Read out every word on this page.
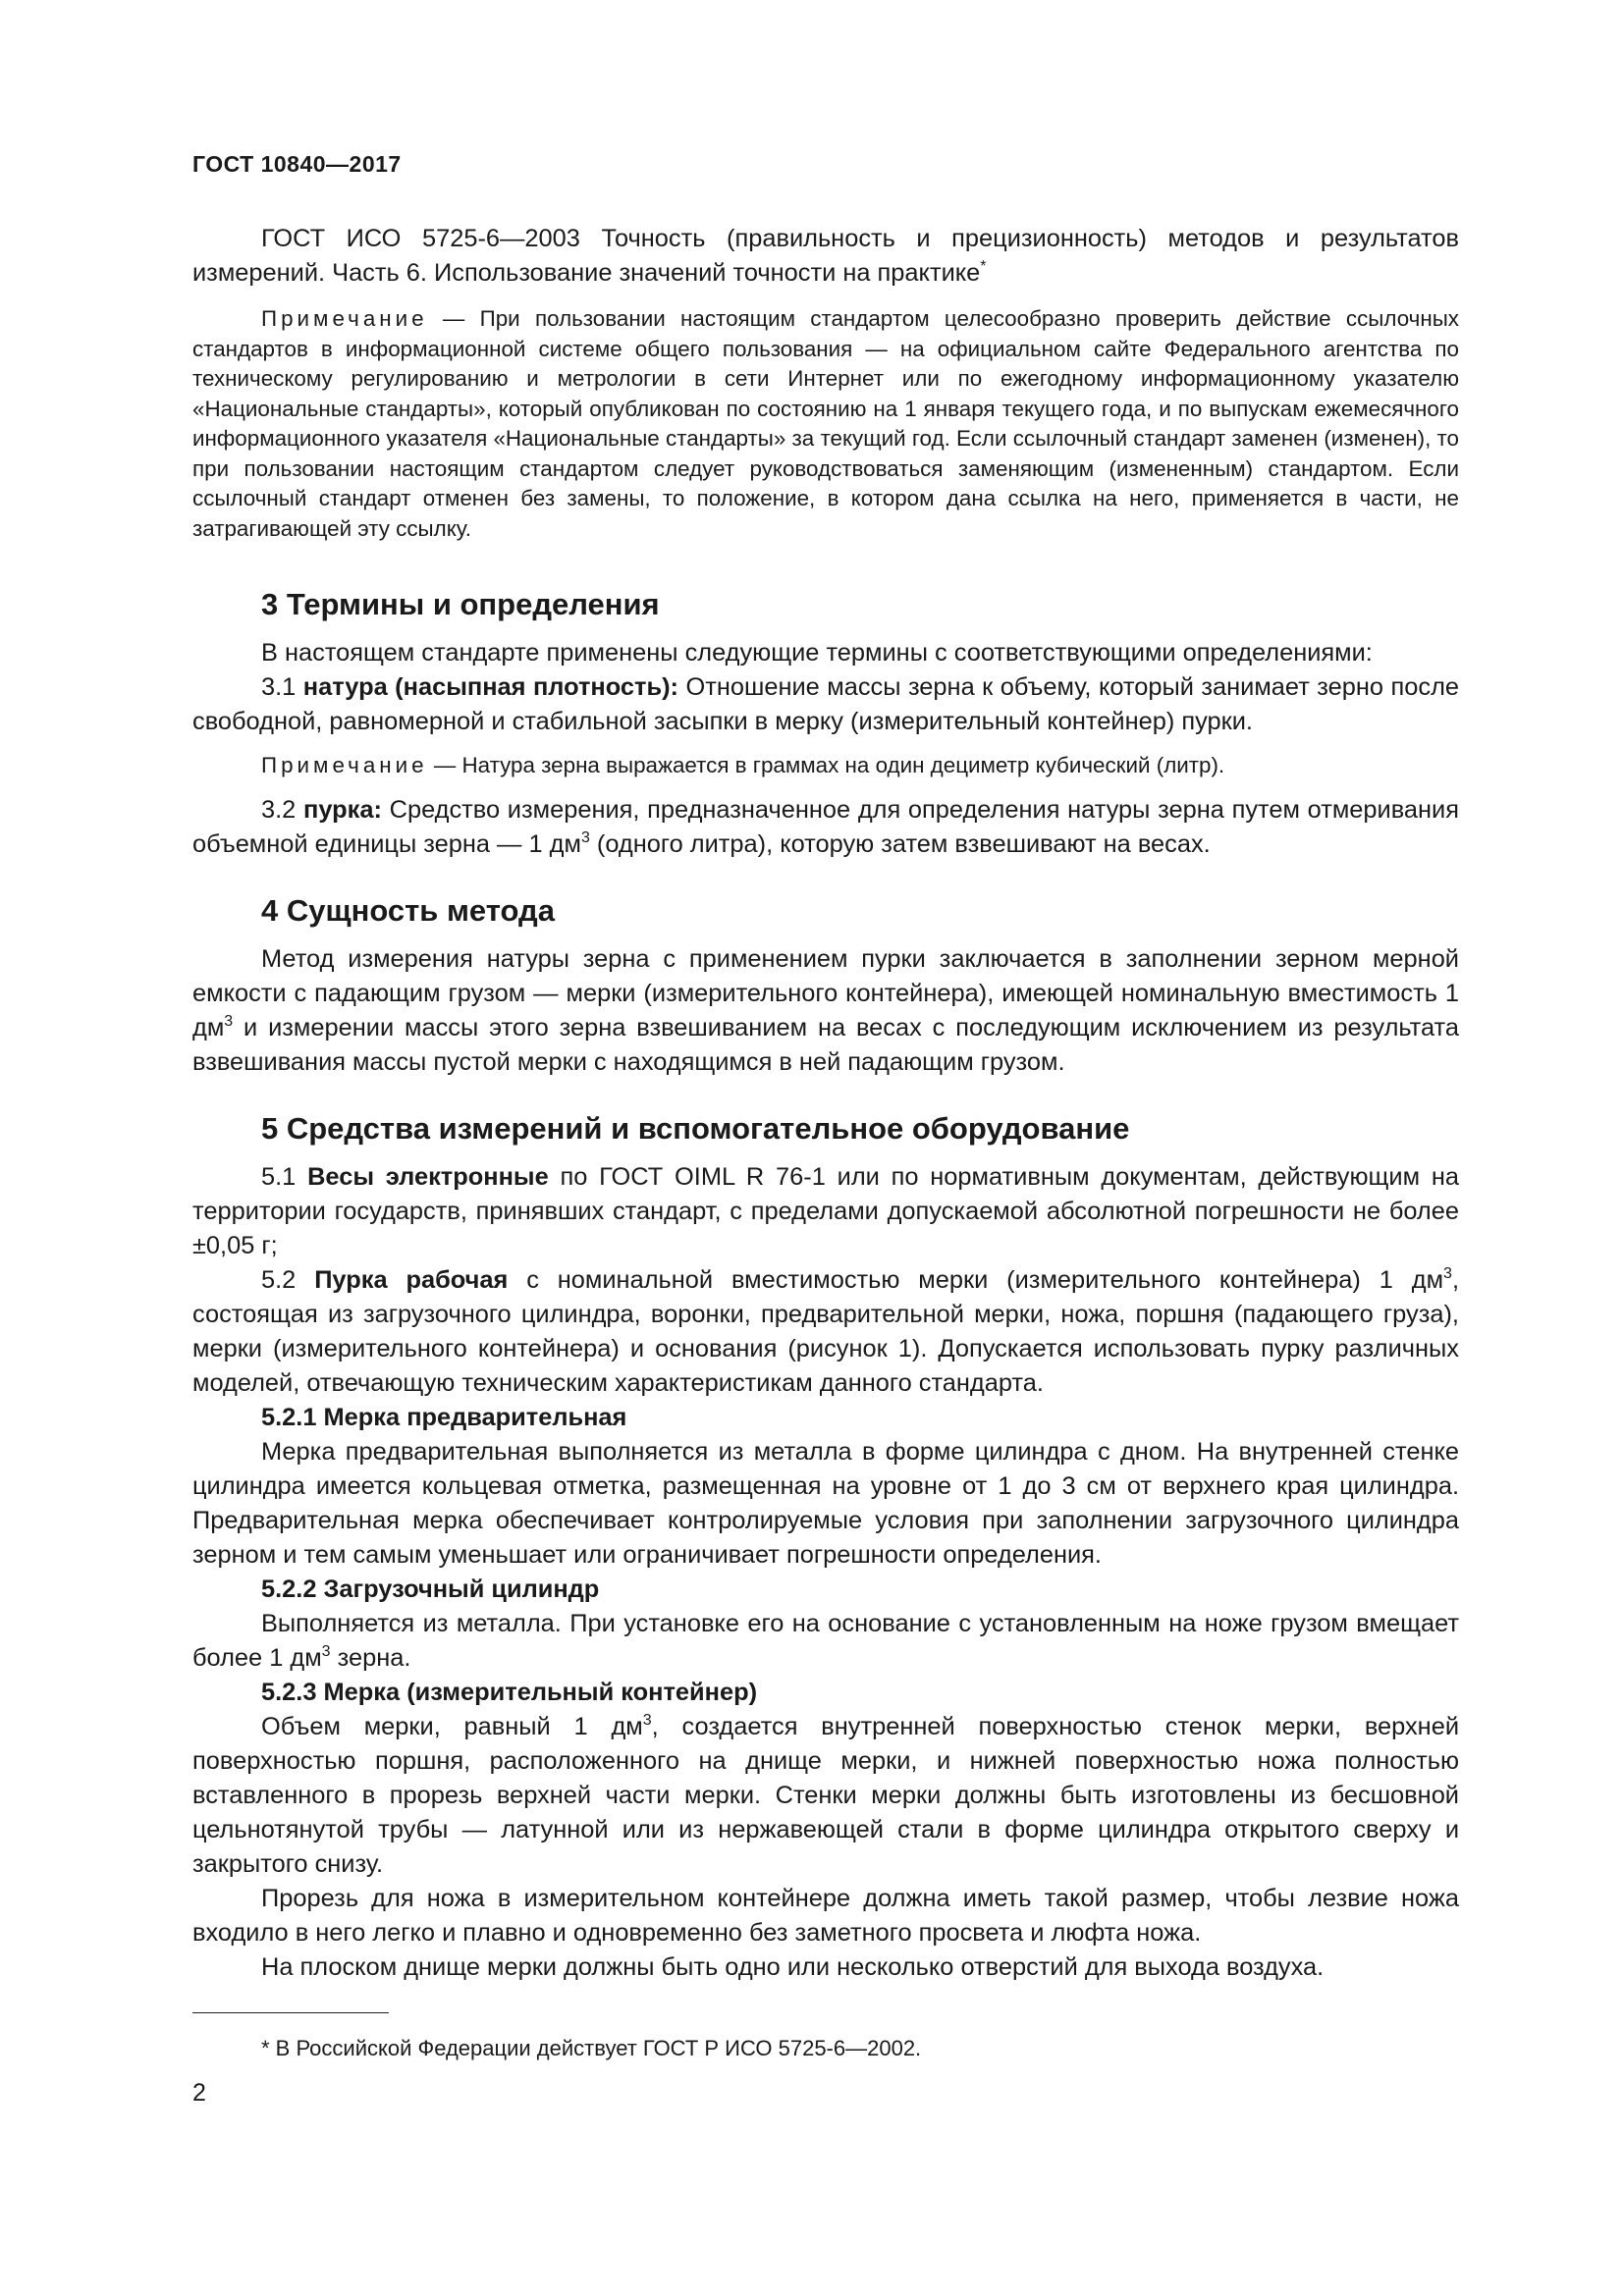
ГОСТ 10840—2017

ГОСТ ИСО 5725-6—2003 Точность (правильность и прецизионность) методов и результатов измерений. Часть 6. Использование значений точности на практике*

Примечание — При пользовании настоящим стандартом целесообразно проверить действие ссылочных стандартов в информационной системе общего пользования — на официальном сайте Федерального агентства по техническому регулированию и метрологии в сети Интернет или по ежегодному информационному указателю «Национальные стандарты», который опубликован по состоянию на 1 января текущего года, и по выпускам ежемесячного информационного указателя «Национальные стандарты» за текущий год. Если ссылочный стандарт заменен (изменен), то при пользовании настоящим стандартом следует руководствоваться заменяющим (измененным) стандартом. Если ссылочный стандарт отменен без замены, то положение, в котором дана ссылка на него, применяется в части, не затрагивающей эту ссылку.

3 Термины и определения

В настоящем стандарте применены следующие термины с соответствующими определениями:

3.1 натура (насыпная плотность): Отношение массы зерна к объему, который занимает зерно после свободной, равномерной и стабильной засыпки в мерку (измерительный контейнер) пурки.

Примечание — Натура зерна выражается в граммах на один дециметр кубический (литр).

3.2 пурка: Средство измерения, предназначенное для определения натуры зерна путем отмеривания объемной единицы зерна — 1 $дм^3$ (одного литра), которую затем взвешивают на весах.

4 Сущность метода

Метод измерения натуры зерна с применением пурки заключается в заполнении зерном мерной емкости с падающим грузом — мерки (измерительного контейнера), имеющей номинальную вместимость 1 $дм^3$ и измерении массы этого зерна взвешиванием на весах с последующим исключением из результата взвешивания массы пустой мерки с находящимся в ней падающим грузом.

5 Средства измерений и вспомогательное оборудование

5.1 Весы электронные по ГОСТ OIML R 76-1 или по нормативным документам, действующим на территории государств, принявших стандарт, с пределами допускаемой абсолютной погрешности не более ±0,05 г;

5.2 Пурка рабочая с номинальной вместимостью мерки (измерительного контейнера) 1 $дм^3$, состоящая из загрузочного цилиндра, воронки, предварительной мерки, ножа, поршня (падающего груза), мерки (измерительного контейнера) и основания (рисунок 1). Допускается использовать пурку различных моделей, отвечающую техническим характеристикам данного стандарта.

5.2.1 Мерка предварительная

Мерка предварительная выполняется из металла в форме цилиндра с дном. На внутренней стенке цилиндра имеется кольцевая отметка, размещенная на уровне от 1 до 3 см от верхнего края цилиндра. Предварительная мерка обеспечивает контролируемые условия при заполнении загрузочного цилиндра зерном и тем самым уменьшает или ограничивает погрешности определения.

5.2.2 Загрузочный цилиндр

Выполняется из металла. При установке его на основание с установленным на ноже грузом вмещает более 1 $дм^3$ зерна.

5.2.3 Мерка (измерительный контейнер)

Объем мерки, равный 1 $дм^3$, создается внутренней поверхностью стенок мерки, верхней поверхностью поршня, расположенного на днище мерки, и нижней поверхностью ножа полностью вставленного в прорезь верхней части мерки. Стенки мерки должны быть изготовлены из бесшовной цельнотянутой трубы — латунной или из нержавеющей стали в форме цилиндра открытого сверху и закрытого снизу.

Прорезь для ножа в измерительном контейнере должна иметь такой размер, чтобы лезвие ножа входило в него легко и плавно и одновременно без заметного просвета и люфта ножа.

На плоском днище мерки должны быть одно или несколько отверстий для выхода воздуха.

* В Российской Федерации действует ГОСТ Р ИСО 5725-6—2002.
2
